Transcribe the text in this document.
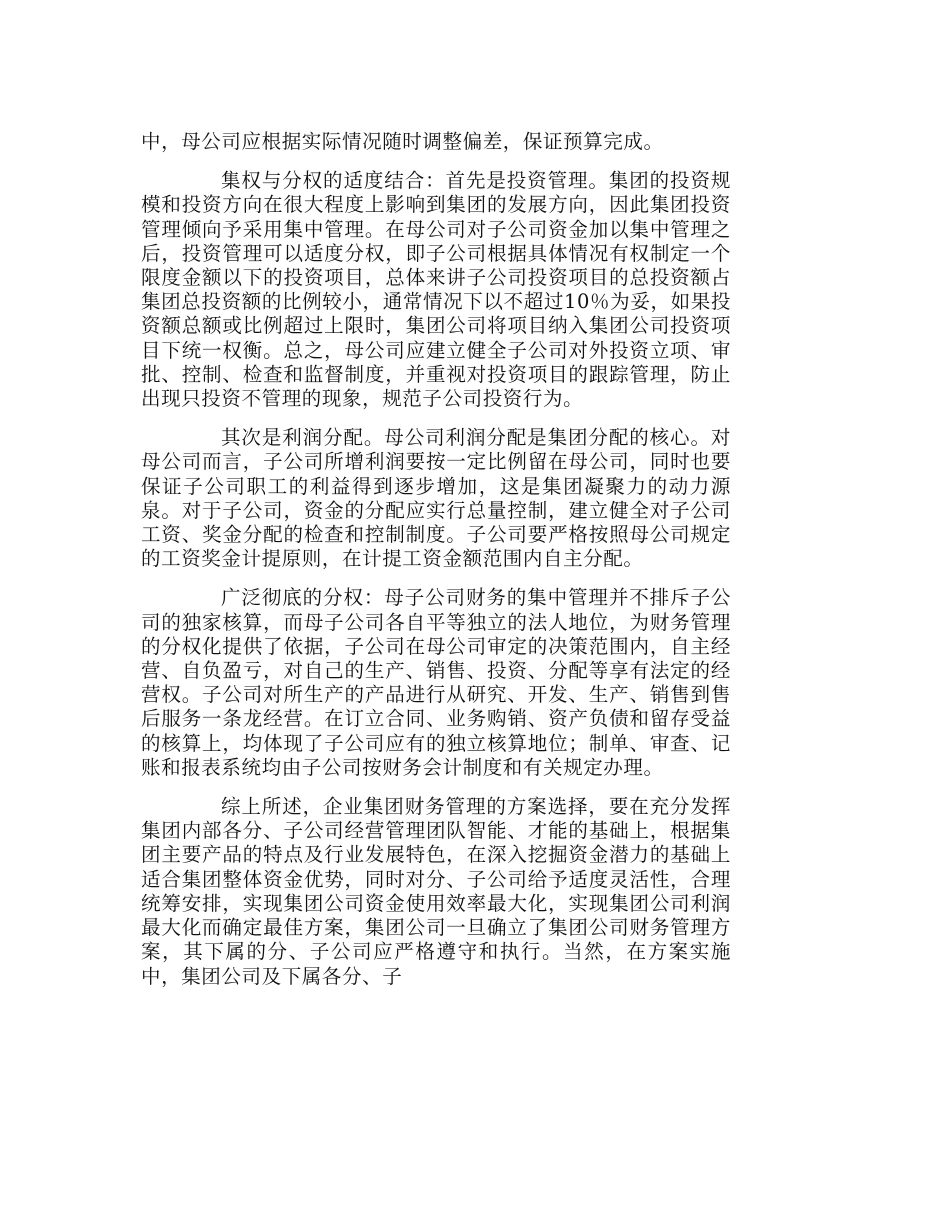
中，母公司应根据实际情况随时调整偏差，保证预算完成。

集权与分权的适度结合：首先是投资管理。集团的投资规模和投资方向在很大程度上影响到集团的发展方向，因此集团投资管理倾向予采用集中管理。在母公司对子公司资金加以集中管理之后，投资管理可以适度分权，即子公司根据具体情况有权制定一个限度金额以下的投资项目，总体来讲子公司投资项目的总投资额占集团总投资额的比例较小，通常情况下以不超过10％为妥，如果投资额总额或比例超过上限时，集团公司将项目纳入集团公司投资项目下统一权衡。总之，母公司应建立健全子公司对外投资立项、审批、控制、检查和监督制度，并重视对投资项目的跟踪管理，防止出现只投资不管理的现象，规范子公司投资行为。

其次是利润分配。母公司利润分配是集团分配的核心。对母公司而言，子公司所增利润要按一定比例留在母公司，同时也要保证子公司职工的利益得到逐步增加，这是集团凝聚力的动力源泉。对于子公司，资金的分配应实行总量控制，建立健全对子公司工资、奖金分配的检查和控制制度。子公司要严格按照母公司规定的工资奖金计提原则，在计提工资金额范围内自主分配。

广泛彻底的分权：母子公司财务的集中管理并不排斥子公司的独家核算，而母子公司各自平等独立的法人地位，为财务管理的分权化提供了依据，子公司在母公司审定的决策范围内，自主经营、自负盈亏，对自己的生产、销售、投资、分配等享有法定的经营权。子公司对所生产的产品进行从研究、开发、生产、销售到售后服务一条龙经营。在订立合同、业务购销、资产负债和留存受益的核算上，均体现了子公司应有的独立核算地位；制单、审查、记账和报表系统均由子公司按财务会计制度和有关规定办理。

综上所述，企业集团财务管理的方案选择，要在充分发挥集团内部各分、子公司经营管理团队智能、才能的基础上，根据集团主要产品的特点及行业发展特色，在深入挖掘资金潜力的基础上适合集团整体资金优势，同时对分、子公司给予适度灵活性，合理统筹安排，实现集团公司资金使用效率最大化，实现集团公司利润最大化而确定最佳方案，集团公司一旦确立了集团公司财务管理方案，其下属的分、子公司应严格遵守和执行。当然，在方案实施中，集团公司及下属各分、子
